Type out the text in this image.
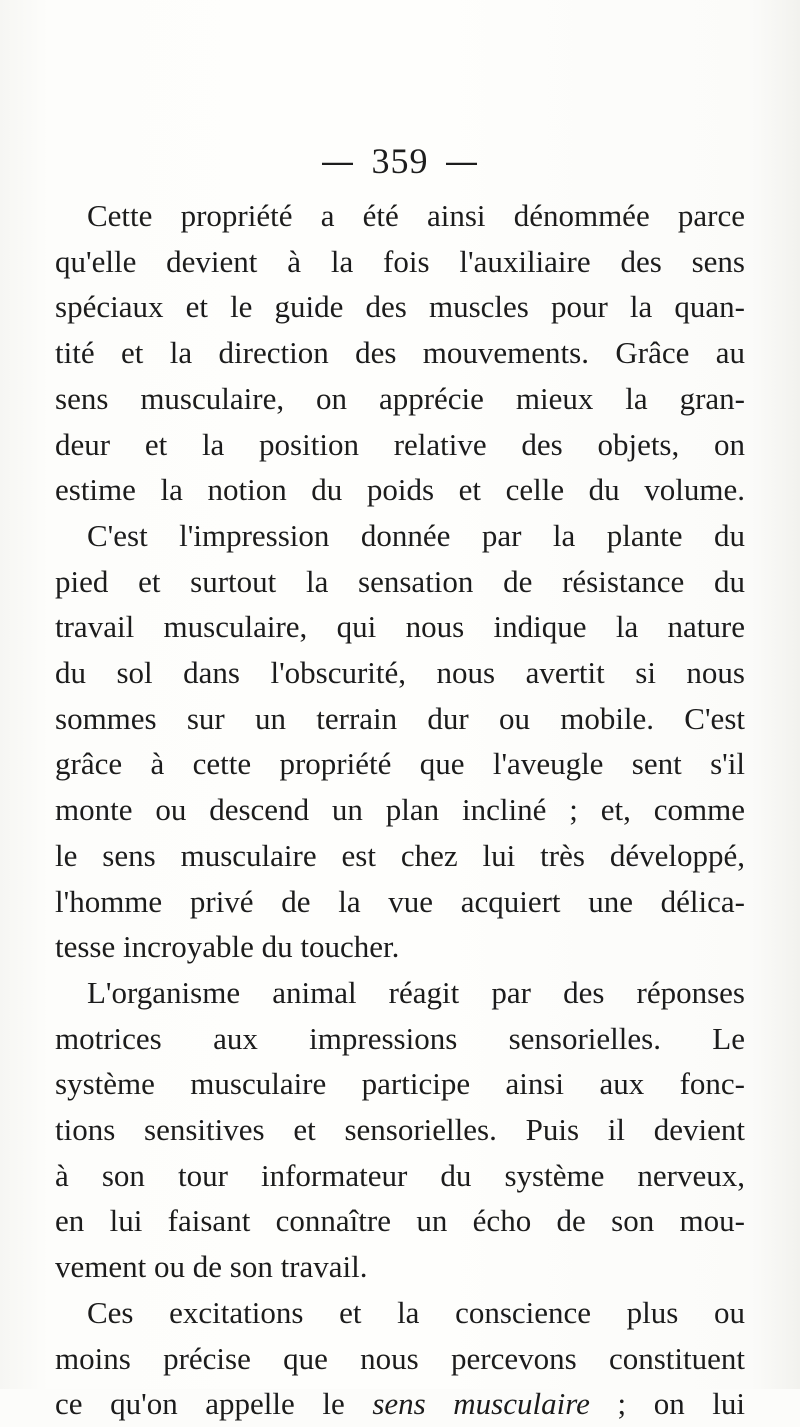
— 359 —
Cette propriété a été ainsi dénommée parce
qu'elle devient à la fois l'auxiliaire des sens
spéciaux et le guide des muscles pour la quan-
tité et la direction des mouvements. Grâce au
sens musculaire, on apprécie mieux la gran-
deur et la position relative des objets, on
estime la notion du poids et celle du volume.
C'est l'impression donnée par la plante du
pied et surtout la sensation de résistance du
travail musculaire, qui nous indique la nature
du sol dans l'obscurité, nous avertit si nous
sommes sur un terrain dur ou mobile. C'est
grâce à cette propriété que l'aveugle sent s'il
monte ou descend un plan incliné ; et, comme
le sens musculaire est chez lui très développé,
l'homme privé de la vue acquiert une délica-
tesse incroyable du toucher.
L'organisme animal réagit par des réponses
motrices aux impressions sensorielles. Le
système musculaire participe ainsi aux fonc-
tions sensitives et sensorielles. Puis il devient
à son tour informateur du système nerveux,
en lui faisant connaître un écho de son mou-
vement ou de son travail.
Ces excitations et la conscience plus ou
moins précise que nous percevons constituent
ce qu'on appelle le sens musculaire ; on lui
